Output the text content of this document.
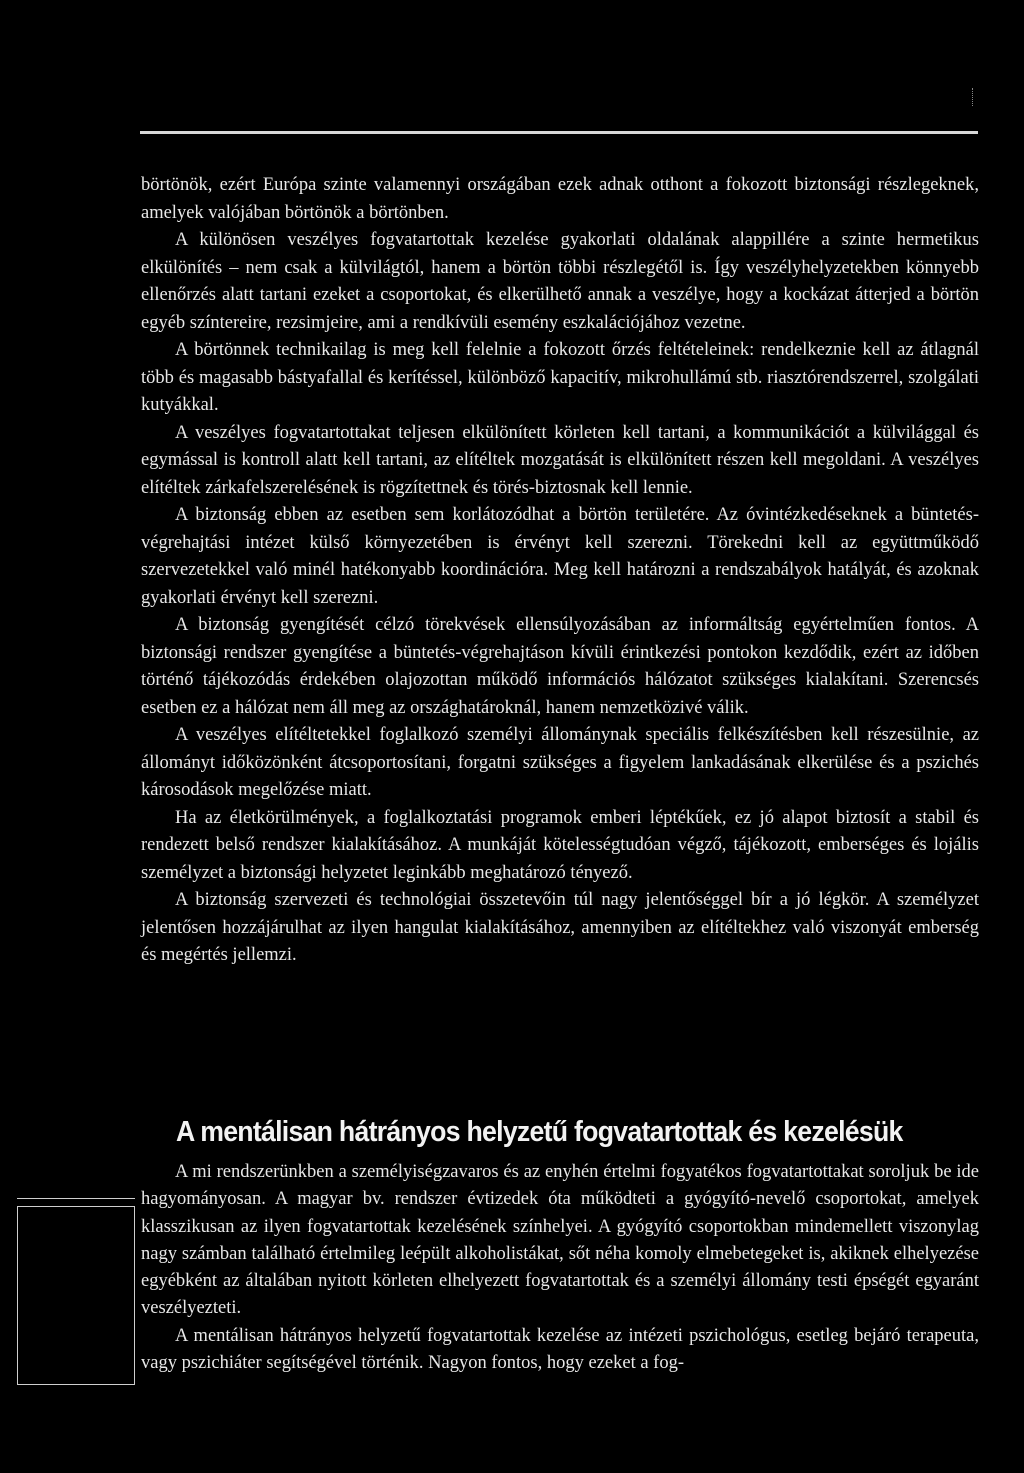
börtönök, ezért Európa szinte valamennyi országában ezek adnak otthont a fokozott biztonsági részlegeknek, amelyek valójában börtönök a börtönben.

A különösen veszélyes fogvatartottak kezelése gyakorlati oldalának alappillére a szinte hermetikus elkülönítés – nem csak a külvilágtól, hanem a börtön többi részlegétől is. Így veszélyhelyzetekben könnyebb ellenőrzés alatt tartani ezeket a csoportokat, és elkerülhető annak a veszélye, hogy a kockázat átterjed a börtön egyéb színtereire, rezsimjeire, ami a rendkívüli esemény eszkalációjához vezetne.

A börtönnek technikailag is meg kell felelnie a fokozott őrzés feltételeinek: rendelkeznie kell az átlagnál több és magasabb bástyafallal és kerítéssel, különböző kapacitív, mikrohullámú stb. riasztórendszerrel, szolgálati kutyákkal.

A veszélyes fogvatartottakat teljesen elkülönített körleten kell tartani, a kommunikációt a külvilággal és egymással is kontroll alatt kell tartani, az elítéltek mozgatását is elkülönített részen kell megoldani. A veszélyes elítéltek zárkafelszerelésének is rögzítettnek és törés-biztosnak kell lennie.

A biztonság ebben az esetben sem korlátozódhat a börtön területére. Az óvintézkedéseknek a büntetés-végrehajtási intézet külső környezetében is érvényt kell szerezni. Törekedni kell az együttműködő szervezetekkel való minél hatékonyabb koordinációra. Meg kell határozni a rendszabályok hatályát, és azoknak gyakorlati érvényt kell szerezni.

A biztonság gyengítését célzó törekvések ellensúlyozásában az informáltság egyértelműen fontos. A biztonsági rendszer gyengítése a büntetés-végrehajtáson kívüli érintkezési pontokon kezdődik, ezért az időben történő tájékozódás érdekében olajozottan működő információs hálózatot szükséges kialakítani. Szerencsés esetben ez a hálózat nem áll meg az országhatároknál, hanem nemzetközivé válik.

A veszélyes elítéltetekkel foglalkozó személyi állománynak speciális felkészítésben kell részesülnie, az állományt időközönként átcsoportosítani, forgatni szükséges a figyelem lankadásának elkerülése és a pszichés károsodások megelőzése miatt.

Ha az életkörülmények, a foglalkoztatási programok emberi léptékűek, ez jó alapot biztosít a stabil és rendezett belső rendszer kialakításához. A munkáját kötelességtudóan végző, tájékozott, emberséges és lojális személyzet a biztonsági helyzetet leginkább meghatározó tényező.

A biztonság szervezeti és technológiai összetevőin túl nagy jelentőséggel bír a jó légkör. A személyzet jelentősen hozzájárulhat az ilyen hangulat kialakításához, amennyiben az elítéltekhez való viszonyát emberség és megértés jellemzi.

A mentálisan hátrányos helyzetű fogvatartottak és kezelésük

A mi rendszerünkben a személyiségzavaros és az enyhén értelmi fogyatékos fogvatartottakat soroljuk be ide hagyományosan. A magyar bv. rendszer évtizedek óta működteti a gyógyító-nevelő csoportokat, amelyek klasszikusan az ilyen fogvatartottak kezelésének színhelyei. A gyógyító csoportokban mindemellett viszonylag nagy számban található értelmileg leépült alkoholistákat, sőt néha komoly elmebetegeket is, akiknek elhelyezése egyébként az általában nyitott körleten elhelyezett fogvatartottak és a személyi állomány testi épségét egyaránt veszélyezteti.

A mentálisan hátrányos helyzetű fogvatartottak kezelése az intézeti pszichológus, esetleg bejáró terapeuta, vagy pszichiáter segítségével történik. Nagyon fontos, hogy ezeket a fog-
